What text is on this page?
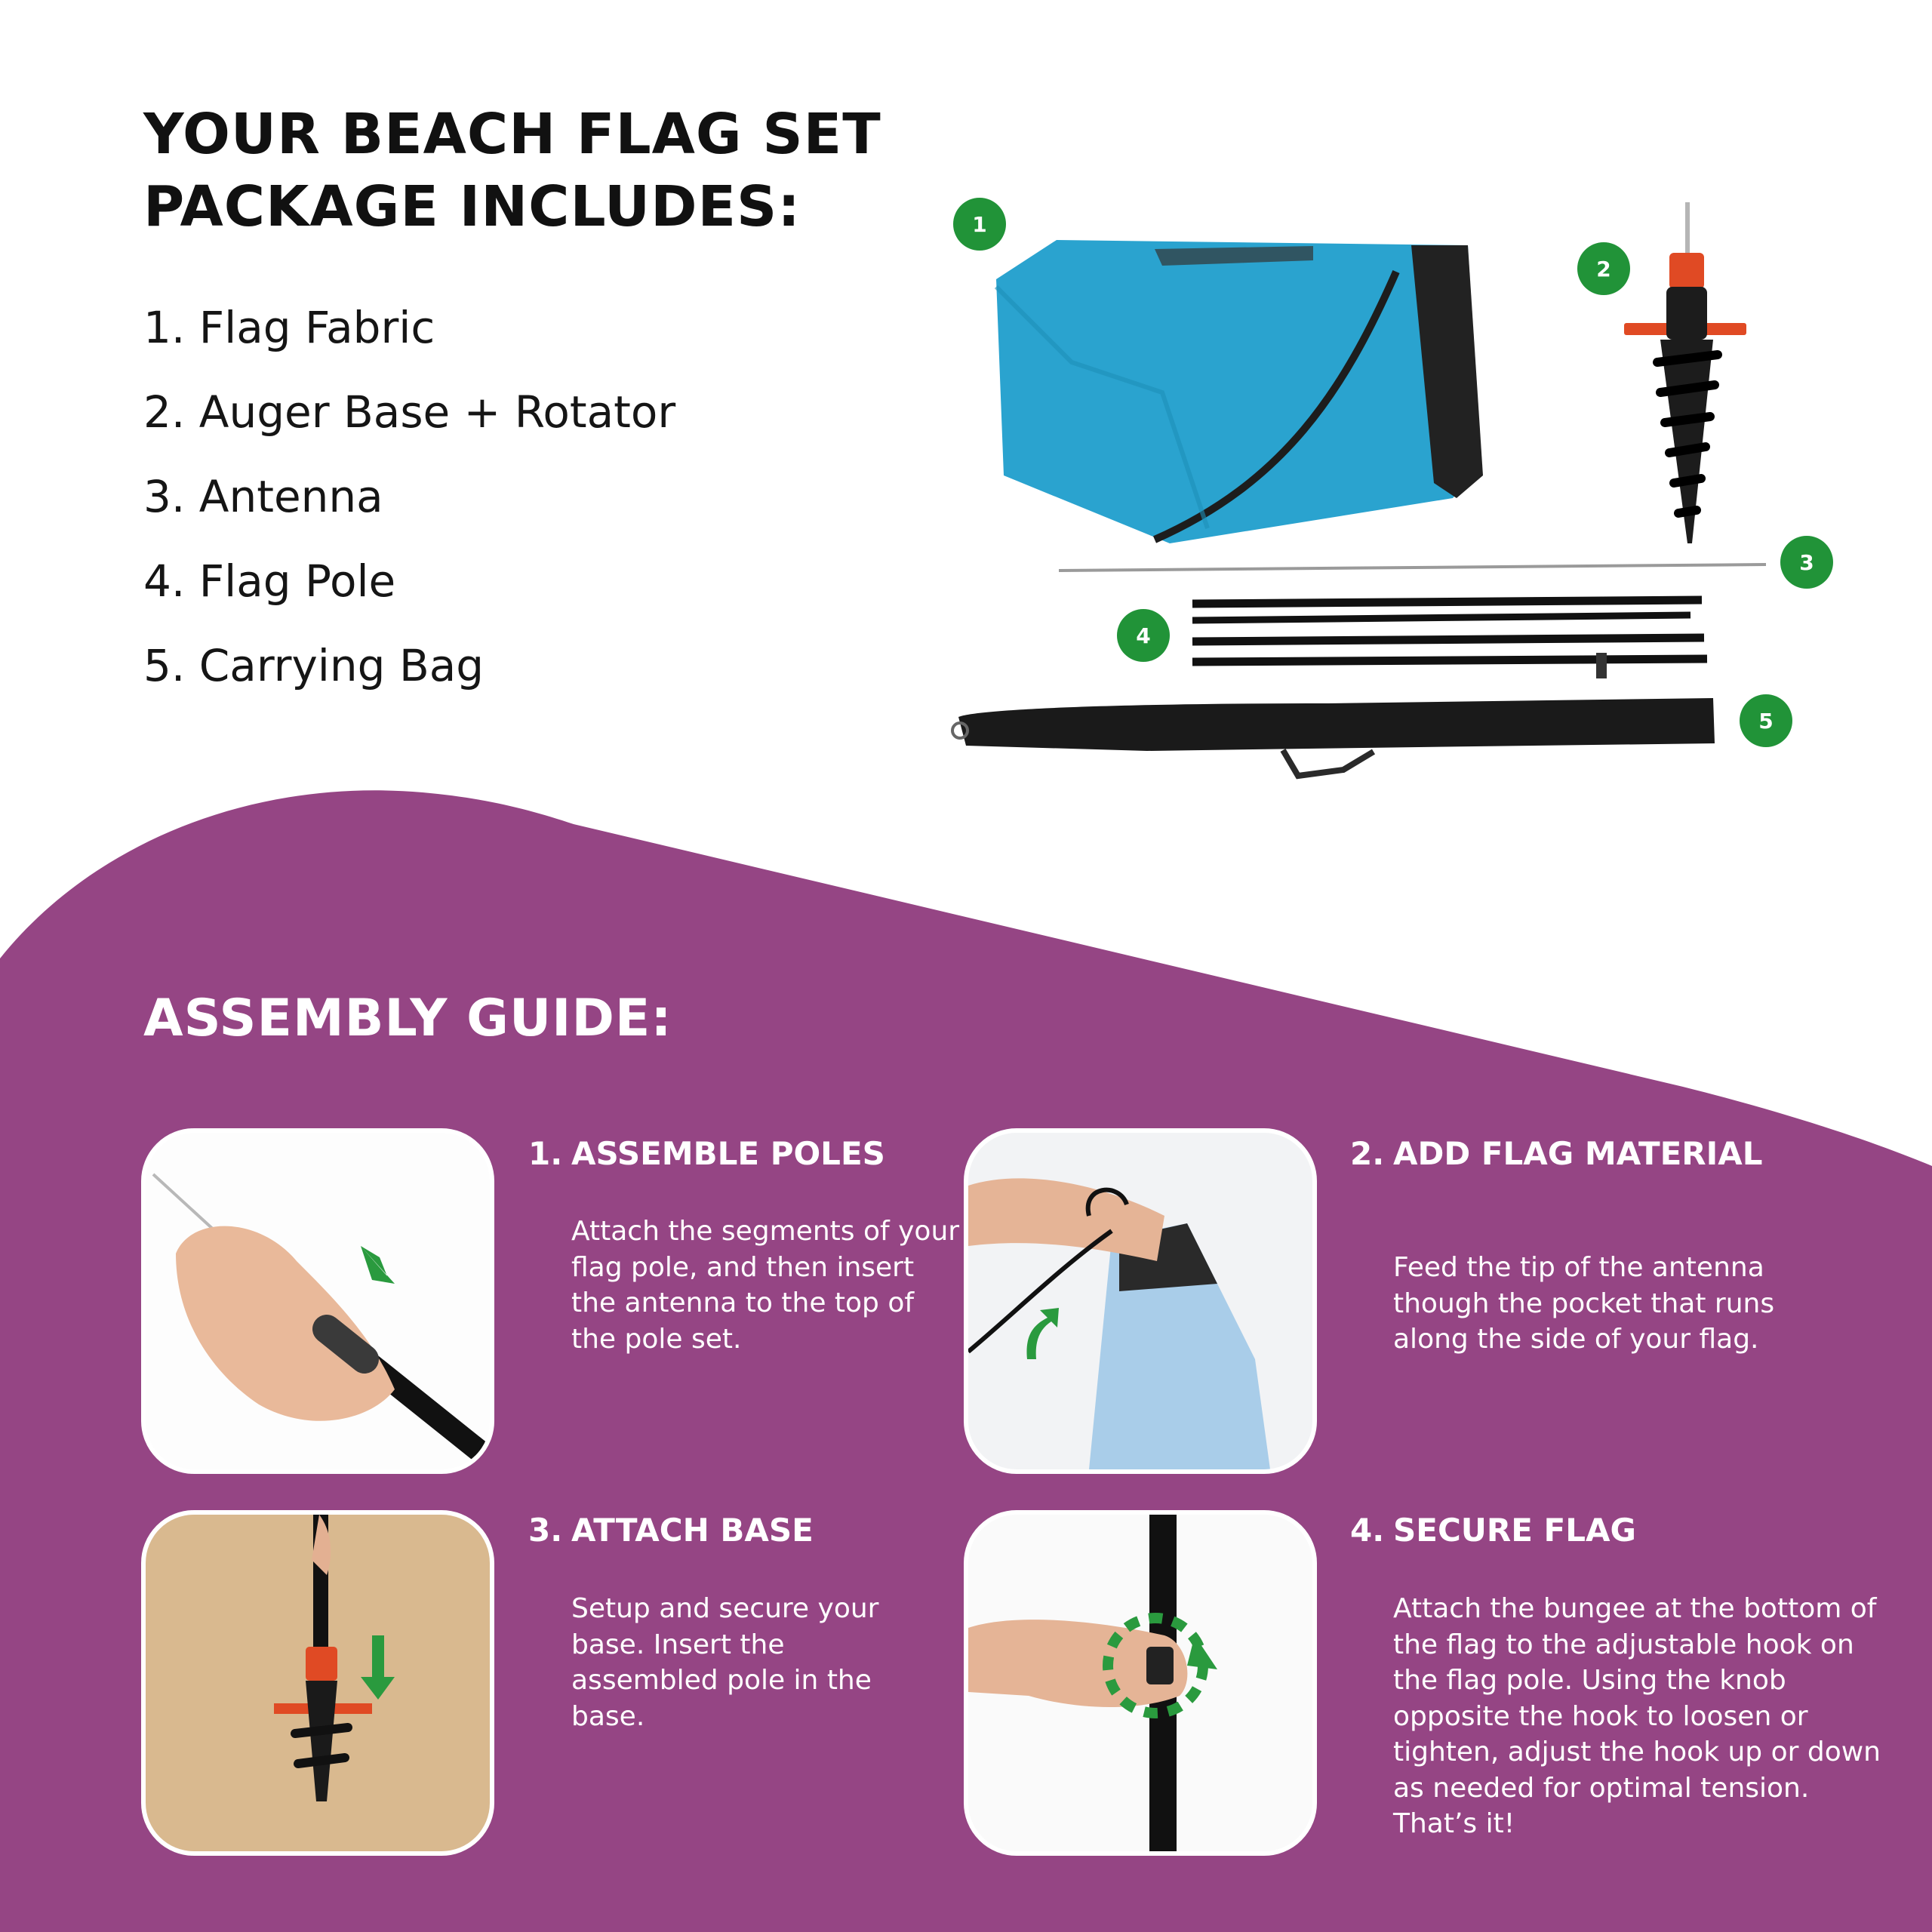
YOUR BEACH FLAG SET PACKAGE INCLUDES:
1. Flag Fabric
2. Auger Base + Rotator
3. Antenna
4. Flag Pole
5. Carrying Bag
1
2
3
4
5
ASSEMBLY GUIDE:
1. ASSEMBLE POLES

Attach the segments of your flag pole, and then insert the antenna to the top of the pole set.

2. ADD FLAG MATERIAL

Feed the tip of the antenna though the pocket that runs along the side of your flag.

3. ATTACH BASE

Setup and secure your base. Insert the assembled pole in the base.

4. SECURE FLAG

Attach the bungee at the bottom of the flag to the adjustable hook on the flag pole. Using the knob opposite the hook to loosen or tighten, adjust the hook up or down as needed for optimal tension. That’s it!
